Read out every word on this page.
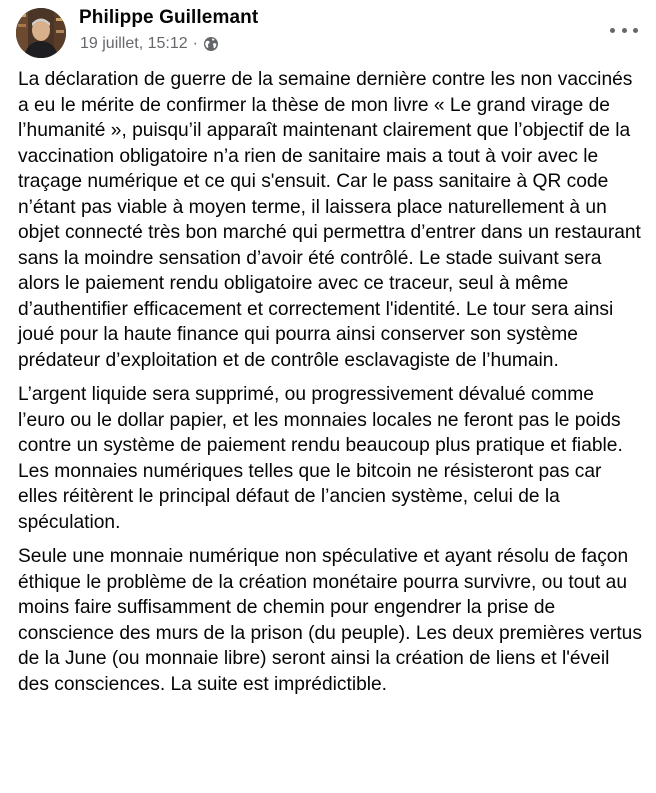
Philippe Guillemant
19 juillet, 15:12 ·

La déclaration de guerre de la semaine dernière contre les non vaccinés a eu le mérite de confirmer la thèse de mon livre « Le grand virage de l’humanité », puisqu’il apparaît maintenant clairement que l’objectif de la vaccination obligatoire n’a rien de sanitaire mais a tout à voir avec le traçage numérique et ce qui s'ensuit. Car le pass sanitaire à QR code n’étant pas viable à moyen terme, il laissera place naturellement à un objet connecté très bon marché qui permettra d’entrer dans un restaurant sans la moindre sensation d’avoir été contrôlé. Le stade suivant sera alors le paiement rendu obligatoire avec ce traceur, seul à même d’authentifier efficacement et correctement l'identité. Le tour sera ainsi joué pour la haute finance qui pourra ainsi conserver son système prédateur d’exploitation et de contrôle esclavagiste de l’humain.

L’argent liquide sera supprimé, ou progressivement dévalué comme l’euro ou le dollar papier, et les monnaies locales ne feront pas le poids contre un système de paiement rendu beaucoup plus pratique et fiable. Les monnaies numériques telles que le bitcoin ne résisteront pas car elles réitèrent le principal défaut de l’ancien système, celui de la spéculation.

Seule une monnaie numérique non spéculative et ayant résolu de façon éthique le problème de la création monétaire pourra survivre, ou tout au moins faire suffisamment de chemin pour engendrer la prise de conscience des murs de la prison (du peuple). Les deux premières vertus de la June (ou monnaie libre) seront ainsi la création de liens et l'éveil des consciences. La suite est imprédictible.
